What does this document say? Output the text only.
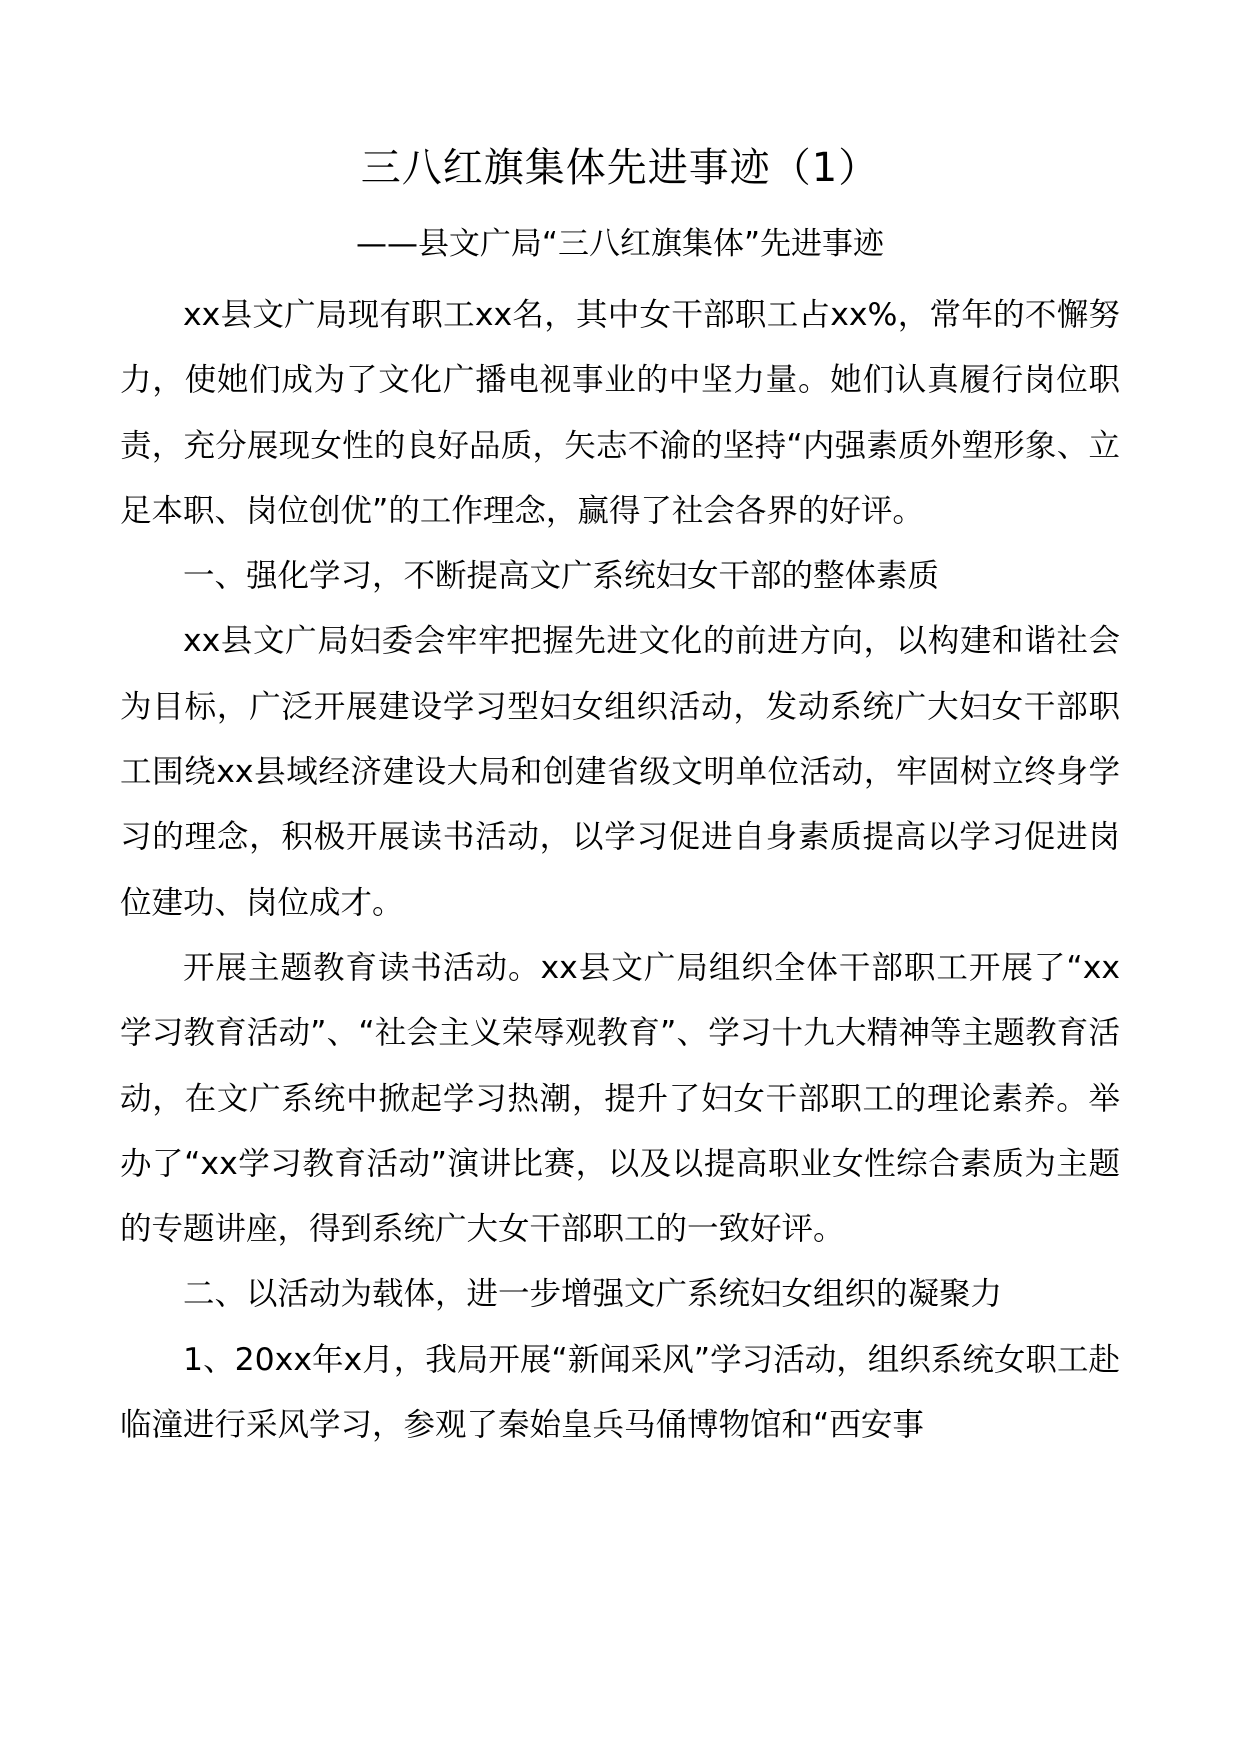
三八红旗集体先进事迹（1）
——县文广局“三八红旗集体”先进事迹

xx县文广局现有职工xx名，其中女干部职工占xx%，常年的不懈努力，使她们成为了文化广播电视事业的中坚力量。她们认真履行岗位职责，充分展现女性的良好品质，矢志不渝的坚持“内强素质外塑形象、立足本职、岗位创优”的工作理念，赢得了社会各界的好评。

一、强化学习，不断提高文广系统妇女干部的整体素质

xx县文广局妇委会牢牢把握先进文化的前进方向，以构建和谐社会为目标，广泛开展建设学习型妇女组织活动，发动系统广大妇女干部职工围绕xx县域经济建设大局和创建省级文明单位活动，牢固树立终身学习的理念，积极开展读书活动，以学习促进自身素质提高以学习促进岗位建功、岗位成才。

开展主题教育读书活动。xx县文广局组织全体干部职工开展了“xx学习教育活动”、“社会主义荣辱观教育”、学习十九大精神等主题教育活动，在文广系统中掀起学习热潮，提升了妇女干部职工的理论素养。举办了“xx学习教育活动”演讲比赛，以及以提高职业女性综合素质为主题的专题讲座，得到系统广大女干部职工的一致好评。

二、以活动为载体，进一步增强文广系统妇女组织的凝聚力

1、20xx年x月，我局开展“新闻采风”学习活动，组织系统女职工赴临潼进行采风学习，参观了秦始皇兵马俑博物馆和“西安事
